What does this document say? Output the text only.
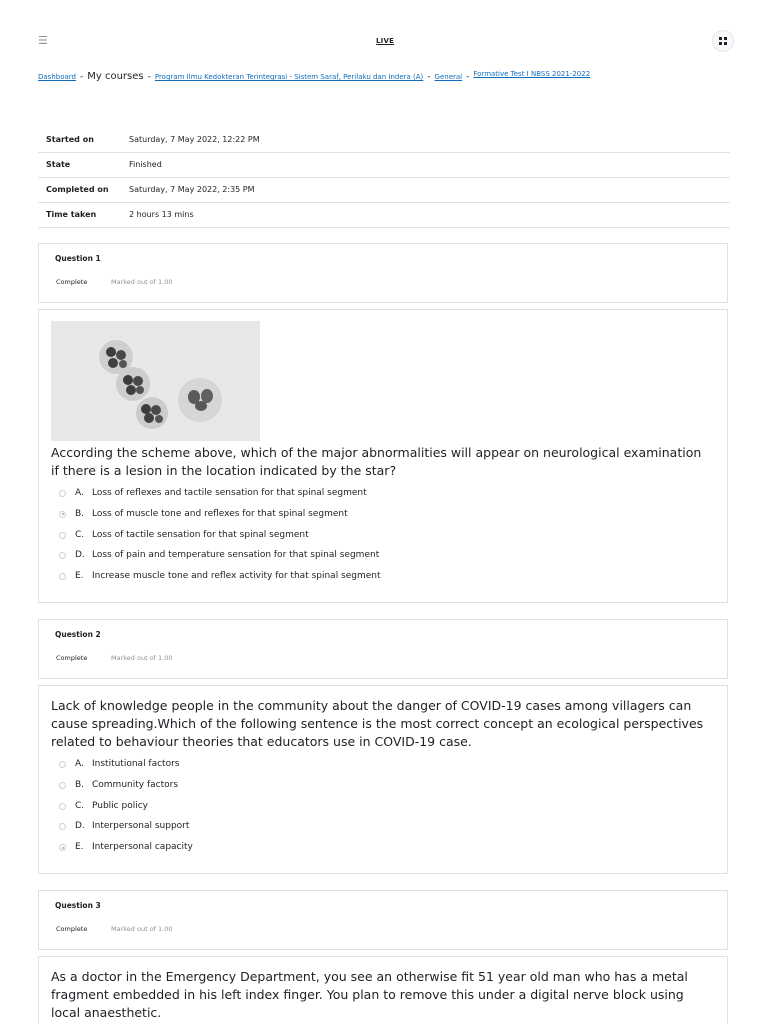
☰	LIVE
Dashboard - My courses - Program Ilmu Kedokteran Terintegrasi - Sistem Saraf, Perilaku dan Indera (A) - General - Formative Test I NBSS 2021-2022
Started on	Saturday, 7 May 2022, 12:22 PM
State	Finished
Completed on	Saturday, 7 May 2022, 2:35 PM
Time taken	2 hours 13 mins
Question 1
Complete	Marked out of 1.00
According the scheme above, which of the major abnormalities will appear on neurological examination if there is a lesion in the location indicated by the star?
A. Loss of reflexes and tactile sensation for that spinal segment
B. Loss of muscle tone and reflexes for that spinal segment
C. Loss of tactile sensation for that spinal segment
D. Loss of pain and temperature sensation for that spinal segment
E. Increase muscle tone and reflex activity for that spinal segment
Question 2
Complete	Marked out of 1.00
Lack of knowledge people in the community about the danger of COVID-19 cases among villagers can cause spreading.Which of the following sentence is the most correct concept an ecological perspectives related to behaviour theories that educators use in COVID-19 case.
A. Institutional factors
B. Community factors
C. Public policy
D. Interpersonal support
E. Interpersonal capacity
Question 3
Complete	Marked out of 1.00
As a doctor in the Emergency Department, you see an otherwise fit 51 year old man who has a metal fragment embedded in his left index finger. You plan to remove this under a digital nerve block using local anaesthetic.
